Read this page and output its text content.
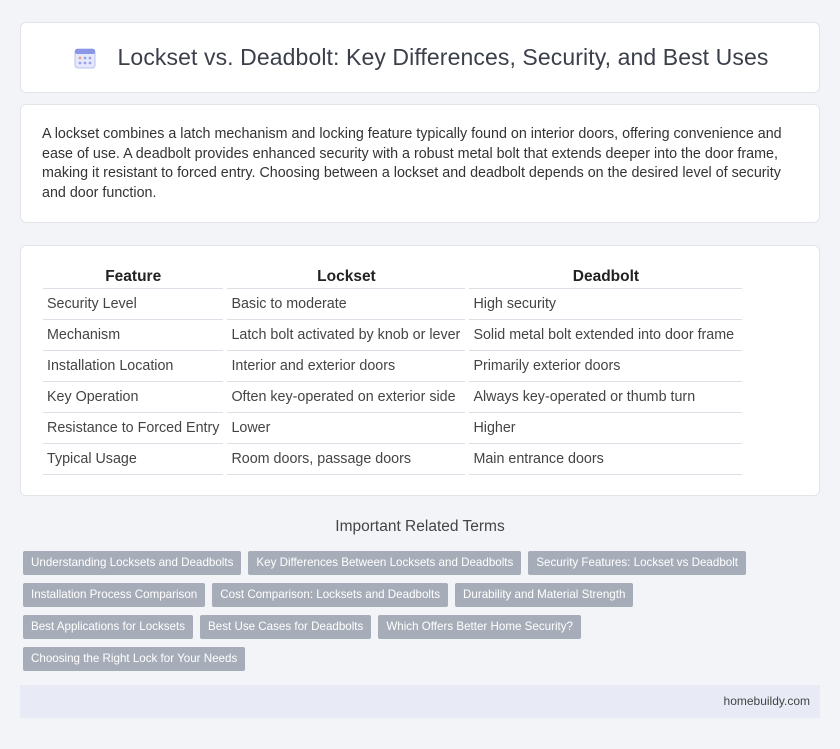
Lockset vs. Deadbolt: Key Differences, Security, and Best Uses

A lockset combines a latch mechanism and locking feature typically found on interior doors, offering convenience and ease of use. A deadbolt provides enhanced security with a robust metal bolt that extends deeper into the door frame, making it resistant to forced entry. Choosing between a lockset and deadbolt depends on the desired level of security and door function.

Feature	Lockset	Deadbolt
Security Level	Basic to moderate	High security
Mechanism	Latch bolt activated by knob or lever	Solid metal bolt extended into door frame
Installation Location	Interior and exterior doors	Primarily exterior doors
Key Operation	Often key-operated on exterior side	Always key-operated or thumb turn
Resistance to Forced Entry	Lower	Higher
Typical Usage	Room doors, passage doors	Main entrance doors
Important Related Terms
Understanding Locksets and Deadbolts	Key Differences Between Locksets and Deadbolts	Security Features: Lockset vs Deadbolt
Installation Process Comparison	Cost Comparison: Locksets and Deadbolts	Durability and Material Strength
Best Applications for Locksets	Best Use Cases for Deadbolts	Which Offers Better Home Security?
Choosing the Right Lock for Your Needs
homebuildy.com
